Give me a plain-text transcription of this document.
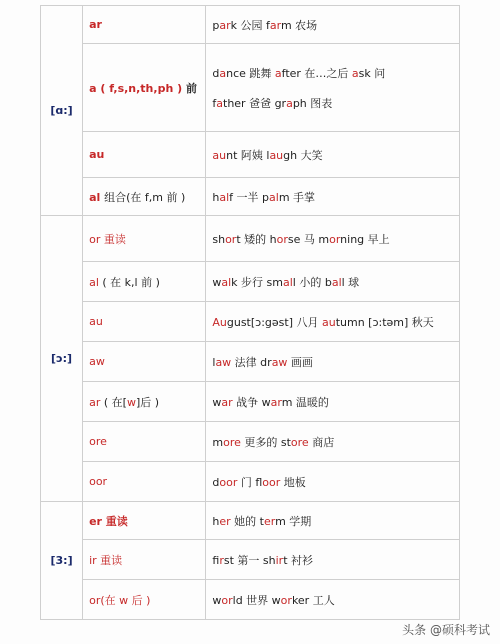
[ɑ:]	ar	park 公园 farm 农场

	a ( f,s,n,th,ph ) 前	dance 跳舞 after 在…之后 ask 问
father 爸爸 graph 图表

	au	aunt 阿姨 laugh 大笑

	al 组合(在 f,m 前 )	half 一半 palm 手掌

[ɔ:]	or 重读	short 矮的 horse 马 morning 早上

	al ( 在 k,l 前 )	walk 步行 small 小的 ball 球

	au	August[ɔ:gəst] 八月 autumn [ɔ:təm] 秋天

	aw	law 法律 draw 画画

	ar ( 在[w]后 )	war 战争 warm 温暖的

	ore	more 更多的 store 商店

	oor	door 门 floor 地板

[3:]	er 重读	her 她的 term 学期

	ir 重读	first 第一 shirt 衬衫

	or(在 w 后 )	world 世界 worker 工人
头条 @硕科考试
